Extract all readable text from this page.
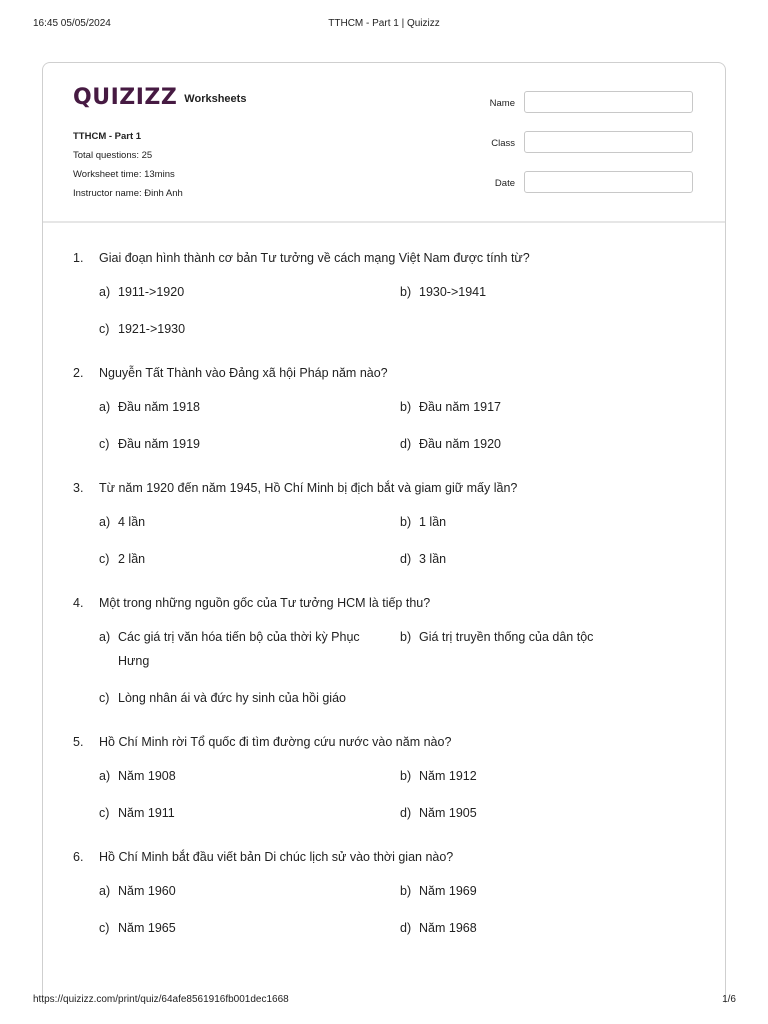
16:45 05/05/2024	TTHCM - Part 1 | Quizizz
QUIZIZZ Worksheets
TTHCM - Part 1
Total questions: 25
Worksheet time: 13mins
Instructor name: Đinh Anh
Name
Class
Date
1.	Giai đoạn hình thành cơ bản Tư tưởng về cách mạng Việt Nam được tính từ?
a) 1911->1920	b) 1930->1941
c) 1921->1930
2.	Nguyễn Tất Thành vào Đảng xã hội Pháp năm nào?
a) Đầu năm 1918	b) Đầu năm 1917
c) Đầu năm 1919	d) Đầu năm 1920
3.	Từ năm 1920 đến năm 1945, Hồ Chí Minh bị địch bắt và giam giữ mấy lần?
a) 4 lần	b) 1 lần
c) 2 lần	d) 3 lần
4.	Một trong những nguồn gốc của Tư tưởng HCM là tiếp thu?
a) Các giá trị văn hóa tiến bộ của thời kỳ Phục Hưng
b) Giá trị truyền thống của dân tộc
c) Lòng nhân ái và đức hy sinh của hồi giáo
5.	Hồ Chí Minh rời Tổ quốc đi tìm đường cứu nước vào năm nào?
a) Năm 1908	b) Năm 1912
c) Năm 1911	d) Năm 1905
6.	Hồ Chí Minh bắt đầu viết bản Di chúc lịch sử vào thời gian nào?
a) Năm 1960	b) Năm 1969
c) Năm 1965	d) Năm 1968
https://quizizz.com/print/quiz/64afe8561916fb001dec1668	1/6
